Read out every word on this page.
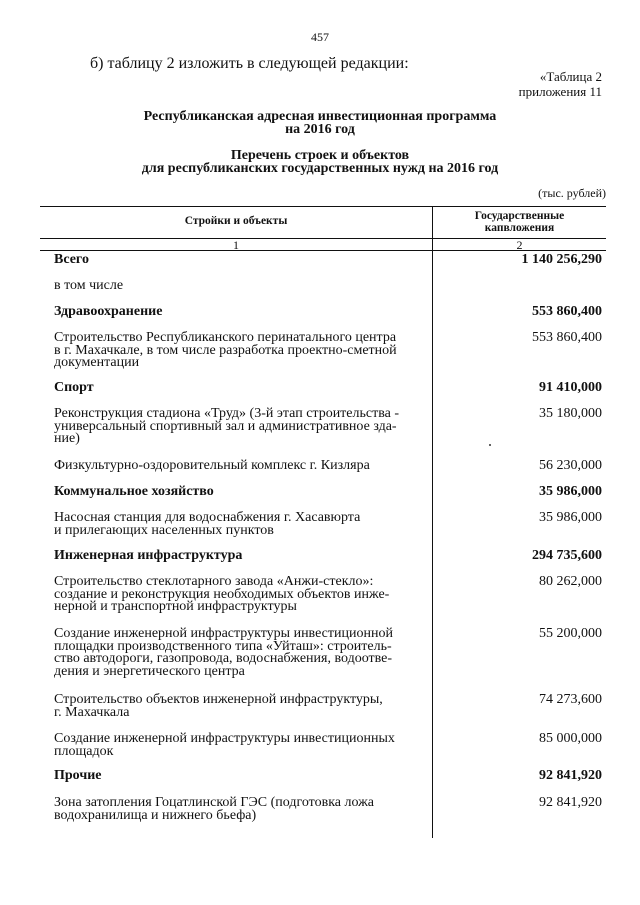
457
б) таблицу 2 изложить в следующей редакции:
«Таблица 2
приложения 11
Республиканская адресная инвестиционная программа
на 2016 год
Перечень строек и объектов
для республиканских государственных нужд на 2016 год
(тыс. рублей)
Стройки и объекты	Государственные
капвложения
1	2
Всего	1 140 256,290
в том числе
Здравоохранение	553 860,400
Строительство Республиканского перинатального центра
в г. Махачкале, в том числе разработка проектно-сметной
документации
553 860,400
Спорт	91 410,000
Реконструкция стадиона «Труд» (3-й этап строительства -
универсальный спортивный зал и административное зда-
ние)
35 180,000
Физкультурно-оздоровительный комплекс г. Кизляра	56 230,000
Коммунальное хозяйство	35 986,000
Насосная станция для водоснабжения г. Хасавюрта
и прилегающих населенных пунктов
35 986,000
Инженерная инфраструктура	294 735,600
Строительство стеклотарного завода «Анжи-стекло»:
создание и реконструкция необходимых объектов инже-
нерной и транспортной инфраструктуры
80 262,000
Создание инженерной инфраструктуры инвестиционной
площадки производственного типа «Уйташ»: строитель-
ство автодороги, газопровода, водоснабжения, водоотве-
дения и энергетического центра
55 200,000
Строительство объектов инженерной инфраструктуры,
г. Махачкала
74 273,600
Создание инженерной инфраструктуры инвестиционных
площадок
85 000,000
Прочие	92 841,920
Зона затопления Гоцатлинской ГЭС (подготовка ложа
водохранилища и нижнего бьефа)
92 841,920
